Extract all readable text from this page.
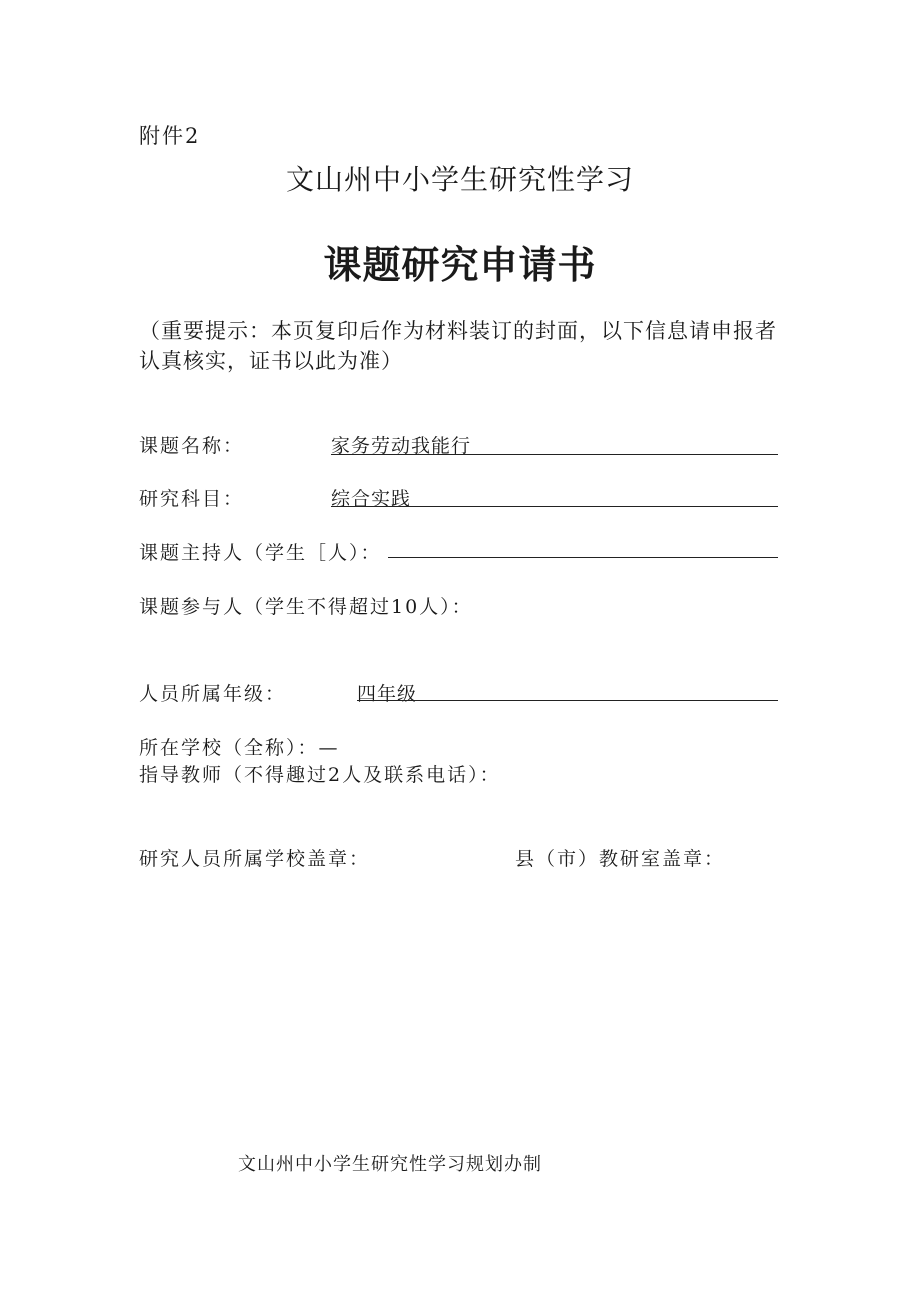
附件2
文山州中小学生研究性学习
课题研究申请书
（重要提示：本页复印后作为材料装订的封面，以下信息请申报者认真核实，证书以此为准）
课题名称：	家务劳动我能行
研究科目：	综合实践
课题主持人（学生［人）：
课题参与人（学生不得超过10人）：
人员所属年级：	四年级
所在学校（全称）：—
指导教师（不得趣过2人及联系电话）：
研究人员所属学校盖章：	县（市）教研室盖章：
文山州中小学生研究性学习规划办制
